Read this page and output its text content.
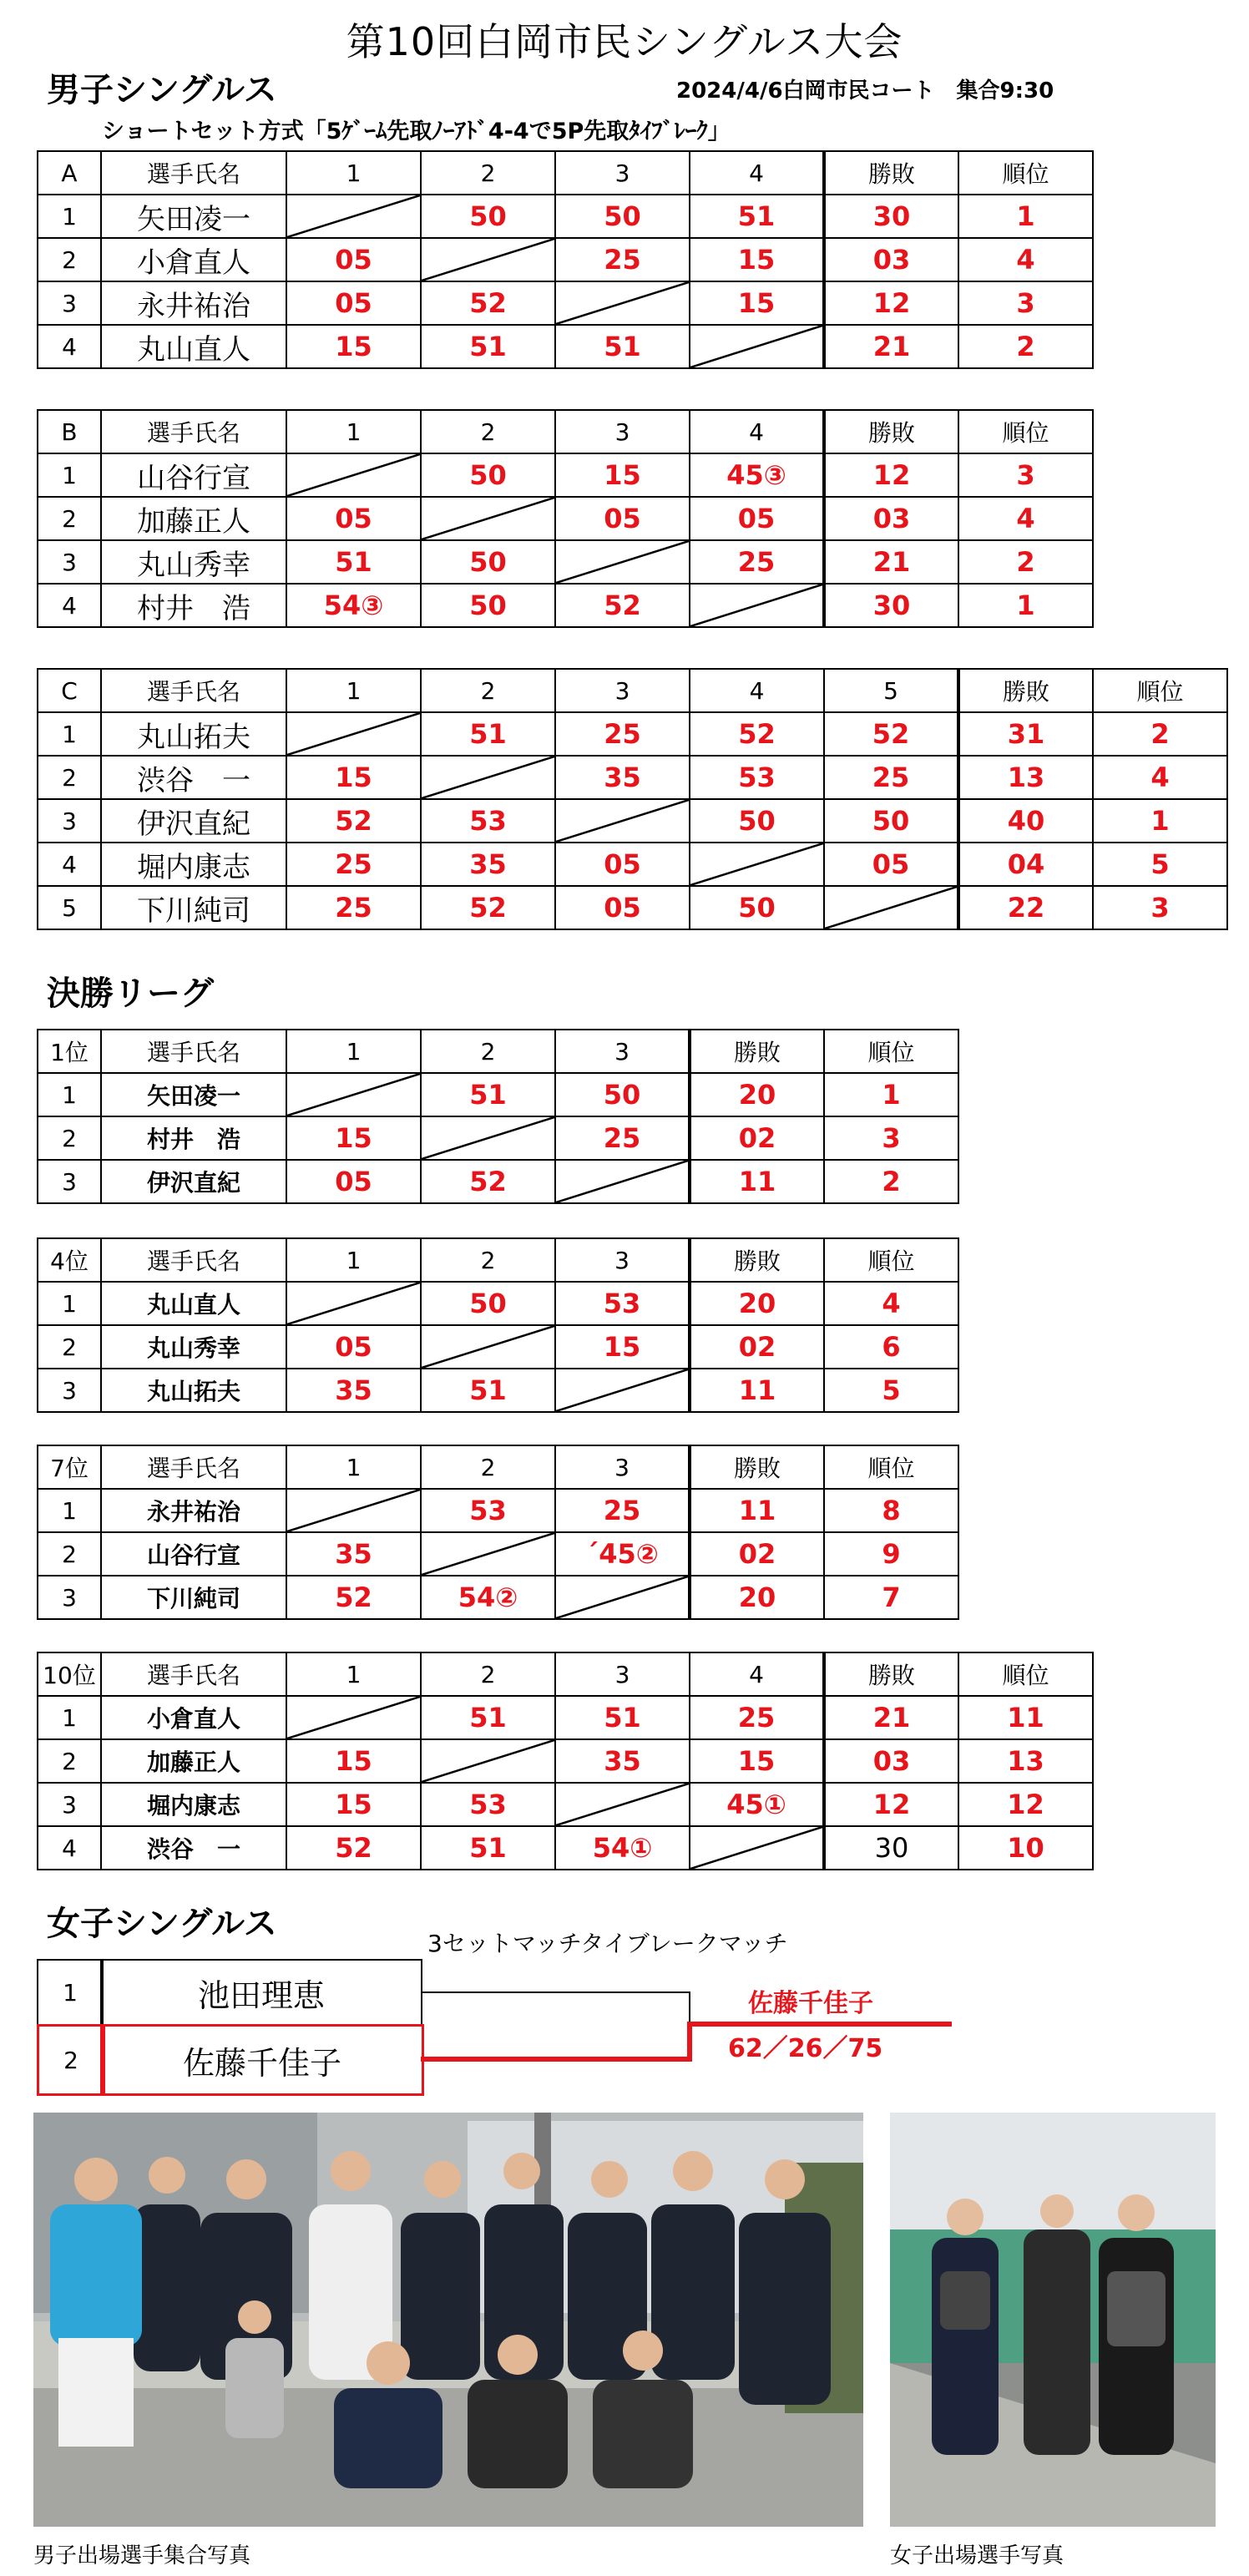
第10回白岡市民シングルス大会
男子シングルス	2024/4/6白岡市民コート　集合9:30
ショートセット方式「5ｹﾞｰﾑ先取ﾉｰｱﾄﾞ4-4で5P先取ﾀｲﾌﾞﾚｰｸ」
A	選手氏名	1	2	3	4	勝敗	順位
1	矢田凌一		50	50	51	30	1
2	小倉直人	05		25	15	03	4
3	永井祐治	05	52		15	12	3
4	丸山直人	15	51	51		21	2
B	選手氏名	1	2	3	4	勝敗	順位
1	山谷行宣		50	15	45③	12	3
2	加藤正人	05		05	05	03	4
3	丸山秀幸	51	50		25	21	2
4	村井　浩	54③	50	52		30	1
C	選手氏名	1	2	3	4	5	勝敗	順位
1	丸山拓夫		51	25	52	52	31	2
2	渋谷　一	15		35	53	25	13	4
3	伊沢直紀	52	53		50	50	40	1
4	堀内康志	25	35	05		05	04	5
5	下川純司	25	52	05	50		22	3
決勝リーグ
1位	選手氏名	1	2	3	勝敗	順位
1	矢田凌一		51	50	20	1
2	村井　浩	15		25	02	3
3	伊沢直紀	05	52		11	2
4位	選手氏名	1	2	3	勝敗	順位
1	丸山直人		50	53	20	4
2	丸山秀幸	05		15	02	6
3	丸山拓夫	35	51		11	5
7位	選手氏名	1	2	3	勝敗	順位
1	永井祐治		53	25	11	8
2	山谷行宣	35		´45②	02	9
3	下川純司	52	54②		20	7
10位	選手氏名	1	2	3	4	勝敗	順位
1	小倉直人		51	51	25	21	11
2	加藤正人	15		35	15	03	13
3	堀内康志	15	53		45①	12	12
4	渋谷　一	52	51	54①		30	10
女子シングルス
3セットマッチタイブレークマッチ
1	池田理恵
2	佐藤千佳子
佐藤千佳子
62／26／75
男子出場選手集合写真	女子出場選手写真
